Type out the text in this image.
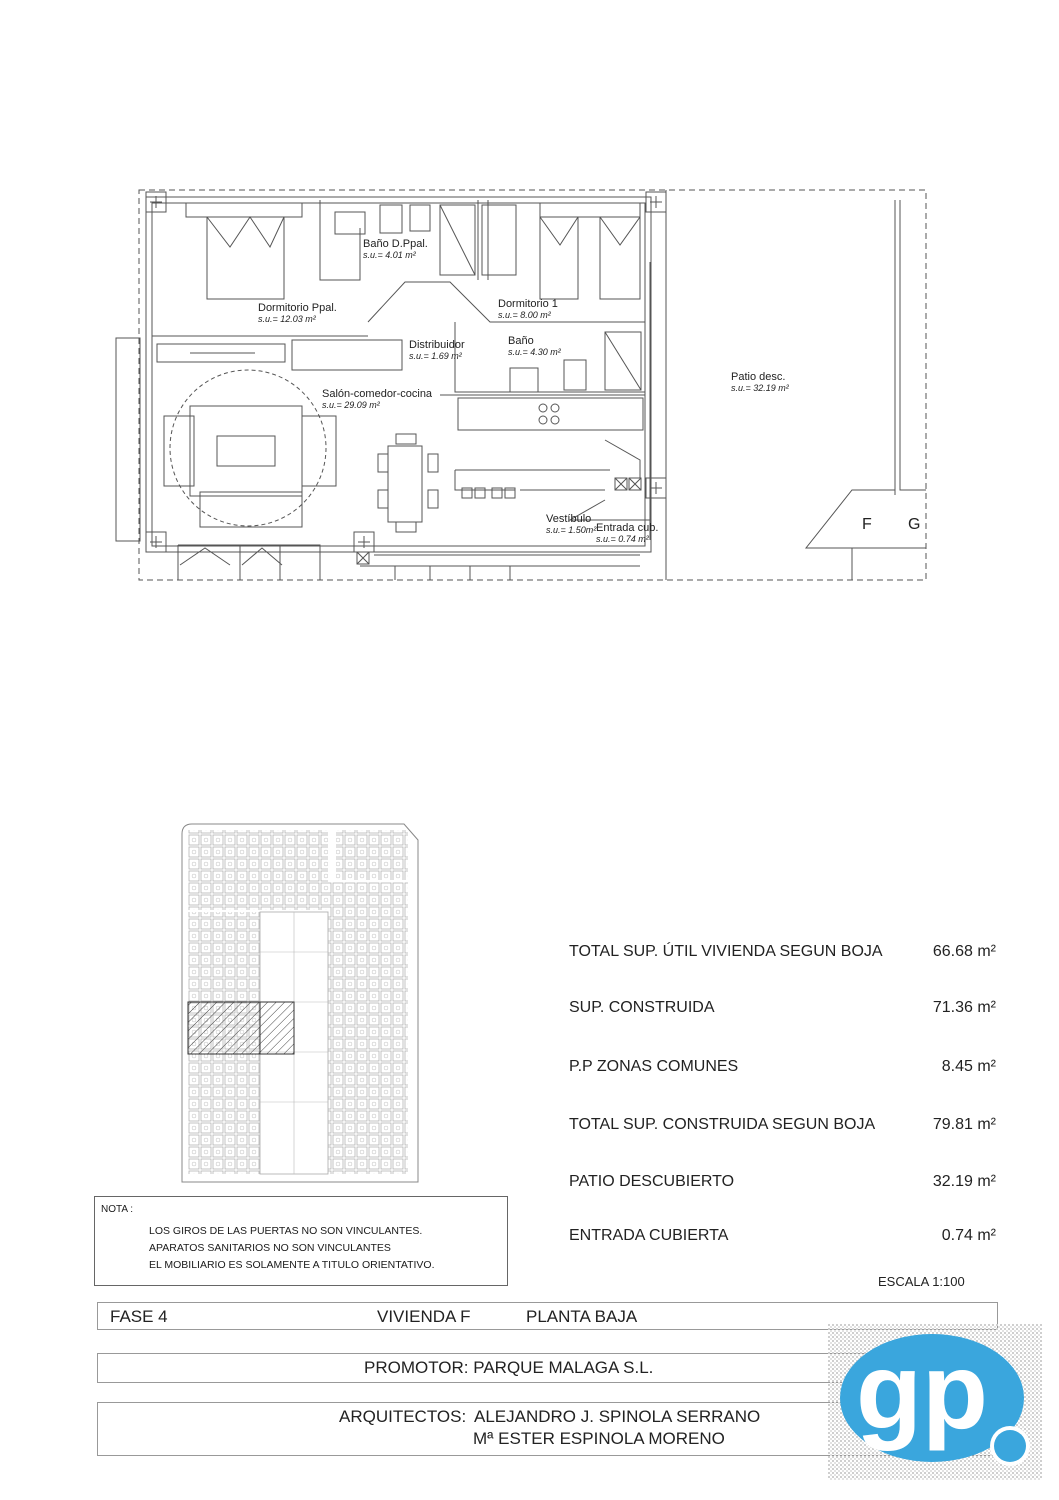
Dormitorio Ppal.
s.u.= 12.03 m²
Baño D.Ppal.
s.u.= 4.01 m²
Dormitorio 1
s.u.= 8.00 m²
Distribuidor
s.u.= 1.69 m²
Baño
s.u.= 4.30 m²
Salón-comedor-cocina
s.u.= 29.09 m²
Patio desc.
s.u.= 32.19 m²
Vestíbulo
s.u.= 1.50m² Entrada cub.
s.u.= 0.74 m²
F G
NOTA :
LOS GIROS DE LAS PUERTAS NO SON VINCULANTES.
APARATOS SANITARIOS NO SON VINCULANTES
EL MOBILIARIO ES SOLAMENTE A TITULO ORIENTATIVO.
TOTAL SUP. ÚTIL VIVIENDA SEGUN BOJA	66.68 m²
SUP. CONSTRUIDA	71.36 m²
P.P ZONAS COMUNES	8.45 m²
TOTAL SUP. CONSTRUIDA SEGUN BOJA	79.81 m²
PATIO DESCUBIERTO	32.19 m²
ENTRADA CUBIERTA	0.74 m²
ESCALA 1:100
FASE 4	VIVIENDA F	PLANTA BAJA
PROMOTOR: PARQUE MALAGA S.L.
ARQUITECTOS: ALEJANDRO J. SPINOLA SERRANO
Mª ESTER ESPINOLA MORENO gp
